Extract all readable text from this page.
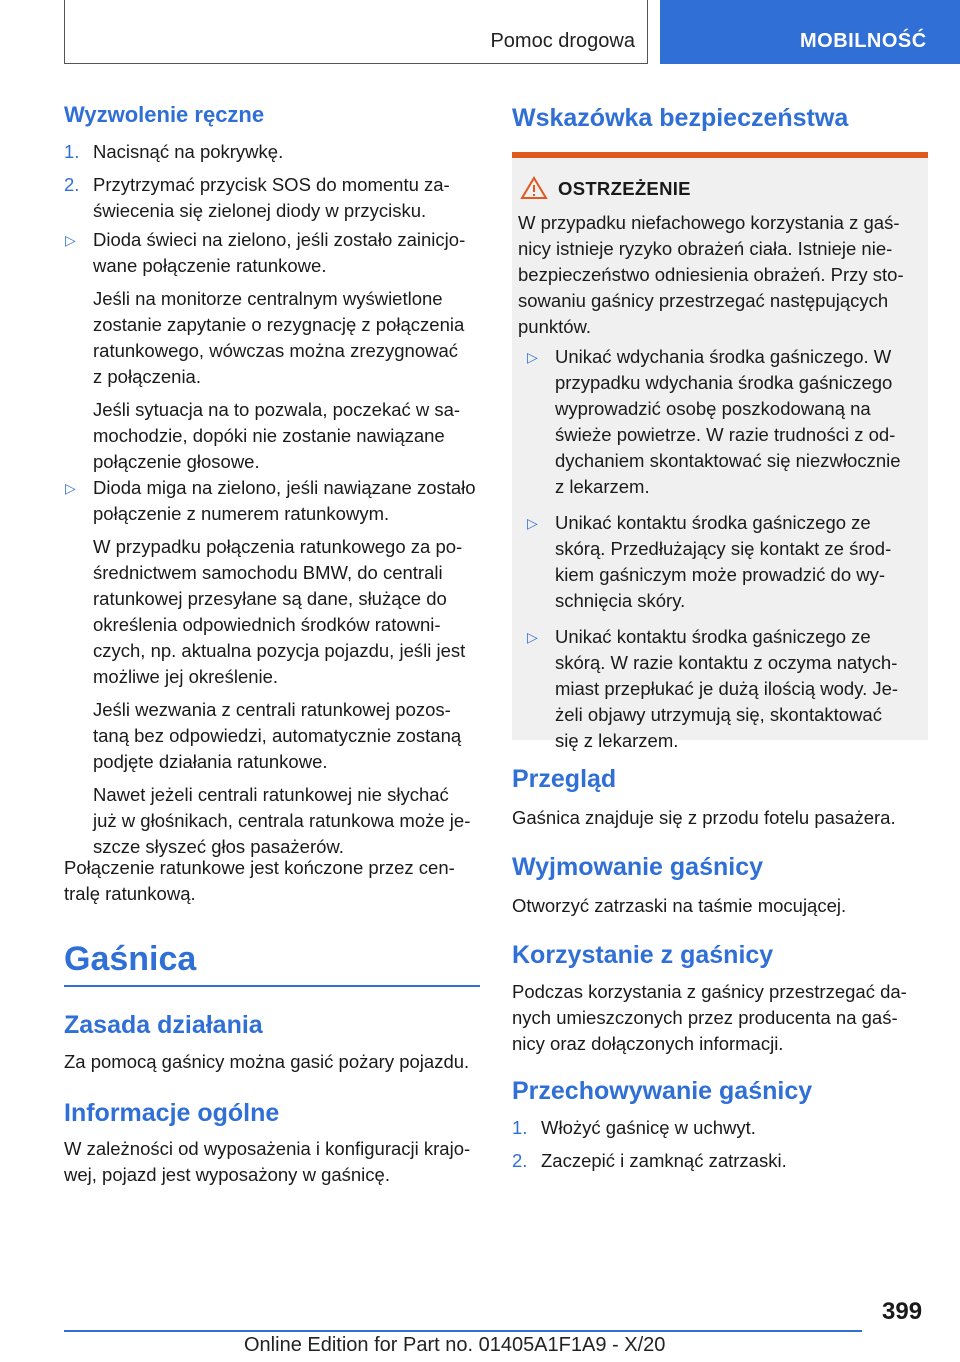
Pomoc drogowa	MOBILNOŚĆ
Wyzwolenie ręczne
1. Nacisnąć na pokrywkę.
2. Przytrzymać przycisk SOS do momentu za-
świecenia się zielonej diody w przycisku.
▷ Dioda świeci na zielono, jeśli zostało zainicjo-
wane połączenie ratunkowe.
Jeśli na monitorze centralnym wyświetlone
zostanie zapytanie o rezygnację z połączenia
ratunkowego, wówczas można zrezygnować
z połączenia.
Jeśli sytuacja na to pozwala, poczekać w sa-
mochodzie, dopóki nie zostanie nawiązane
połączenie głosowe.
▷ Dioda miga na zielono, jeśli nawiązane zostało
połączenie z numerem ratunkowym.
W przypadku połączenia ratunkowego za po-
średnictwem samochodu BMW, do centrali
ratunkowej przesyłane są dane, służące do
określenia odpowiednich środków ratowni-
czych, np. aktualna pozycja pojazdu, jeśli jest
możliwe jej określenie.
Jeśli wezwania z centrali ratunkowej pozos-
taną bez odpowiedzi, automatycznie zostaną
podjęte działania ratunkowe.
Nawet jeżeli centrali ratunkowej nie słychać
już w głośnikach, centrala ratunkowa może je-
szcze słyszeć głos pasażerów.
Połączenie ratunkowe jest kończone przez cen-
tralę ratunkową.
Gaśnica
Zasada działania
Za pomocą gaśnicy można gasić pożary pojazdu.
Informacje ogólne
W zależności od wyposażenia i konfiguracji krajo-
wej, pojazd jest wyposażony w gaśnicę.
Wskazówka bezpieczeństwa
OSTRZEŻENIE
W przypadku niefachowego korzystania z gaś-
nicy istnieje ryzyko obrażeń ciała. Istnieje nie-
bezpieczeństwo odniesienia obrażeń. Przy sto-
sowaniu gaśnicy przestrzegać następujących
punktów.
▷ Unikać wdychania środka gaśniczego. W
przypadku wdychania środka gaśniczego
wyprowadzić osobę poszkodowaną na
świeże powietrze. W razie trudności z od-
dychaniem skontaktować się niezwłocznie
z lekarzem.
▷ Unikać kontaktu środka gaśniczego ze
skórą. Przedłużający się kontakt ze środ-
kiem gaśniczym może prowadzić do wy-
schnięcia skóry.
▷ Unikać kontaktu środka gaśniczego ze
skórą. W razie kontaktu z oczyma natych-
miast przepłukać je dużą ilością wody. Je-
żeli objawy utrzymują się, skontaktować
się z lekarzem.
Przegląd
Gaśnica znajduje się z przodu fotelu pasażera.
Wyjmowanie gaśnicy
Otworzyć zatrzaski na taśmie mocującej.
Korzystanie z gaśnicy
Podczas korzystania z gaśnicy przestrzegać da-
nych umieszczonych przez producenta na gaś-
nicy oraz dołączonych informacji.
Przechowywanie gaśnicy
1. Włożyć gaśnicę w uchwyt.
2. Zaczepić i zamknąć zatrzaski.
399
Online Edition for Part no. 01405A1F1A9 - X/20
